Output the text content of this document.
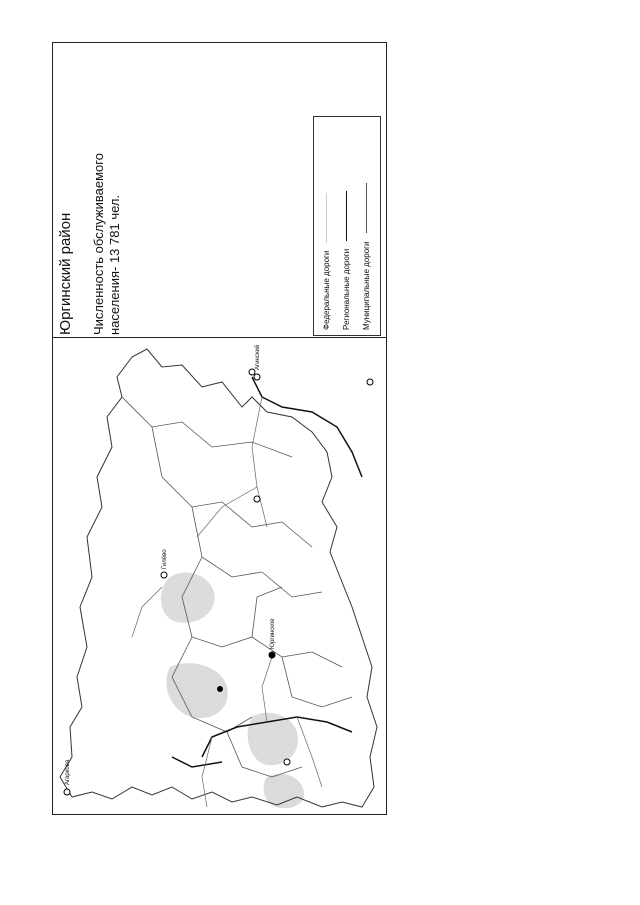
Юргинский район Численность обслуживаемого населения- 13 781 чел.	Федеральные дороги Региональные дороги Муниципальные дороги
Агинский
Юргинское
Гилёво
Агаркова
